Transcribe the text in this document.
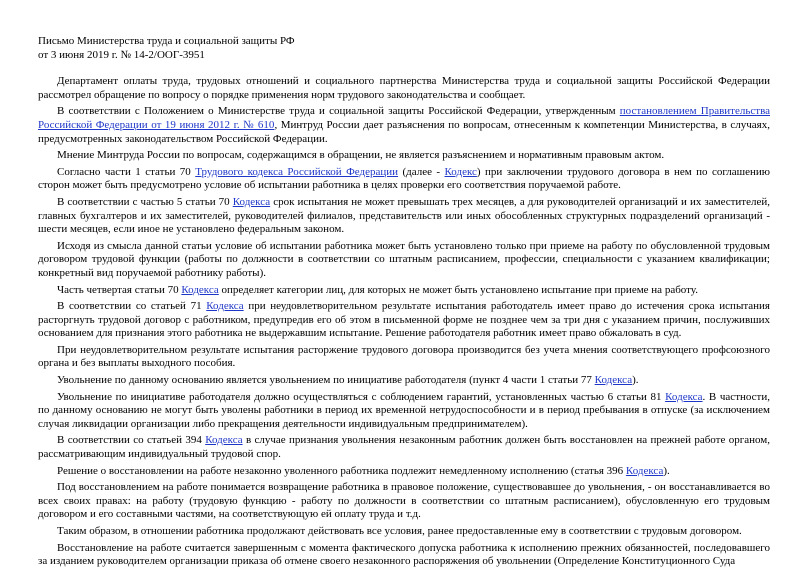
Письмо Министерства труда и социальной защиты РФ

от 3 июня 2019 г. № 14-2/ООГ-3951

Департамент оплаты труда, трудовых отношений и социального партнерства Министерства труда и социальной защиты Российской Федерации рассмотрел обращение по вопросу о порядке применения норм трудового законодательства и сообщает.

В соответствии с Положением о Министерстве труда и социальной защиты Российской Федерации, утвержденным постановлением Правительства Российской Федерации от 19 июня 2012 г. № 610, Минтруд России дает разъяснения по вопросам, отнесенным к компетенции Министерства, в случаях, предусмотренных законодательством Российской Федерации.

Мнение Минтруда России по вопросам, содержащимся в обращении, не является разъяснением и нормативным правовым актом.

Согласно части 1 статьи 70 Трудового кодекса Российской Федерации (далее - Кодекс) при заключении трудового договора в нем по соглашению сторон может быть предусмотрено условие об испытании работника в целях проверки его соответствия поручаемой работе.

В соответствии с частью 5 статьи 70 Кодекса срок испытания не может превышать трех месяцев, а для руководителей организаций и их заместителей, главных бухгалтеров и их заместителей, руководителей филиалов, представительств или иных обособленных структурных подразделений организаций - шести месяцев, если иное не установлено федеральным законом.

Исходя из смысла данной статьи условие об испытании работника может быть установлено только при приеме на работу по обусловленной трудовым договором трудовой функции (работы по должности в соответствии со штатным расписанием, профессии, специальности с указанием квалификации; конкретный вид поручаемой работнику работы).

Часть четвертая статьи 70 Кодекса определяет категории лиц, для которых не может быть установлено испытание при приеме на работу.

В соответствии со статьей 71 Кодекса при неудовлетворительном результате испытания работодатель имеет право до истечения срока испытания расторгнуть трудовой договор с работником, предупредив его об этом в письменной форме не позднее чем за три дня с указанием причин, послуживших основанием для признания этого работника не выдержавшим испытание. Решение работодателя работник имеет право обжаловать в суд.

При неудовлетворительном результате испытания расторжение трудового договора производится без учета мнения соответствующего профсоюзного органа и без выплаты выходного пособия.

Увольнение по данному основанию является увольнением по инициативе работодателя (пункт 4 части 1 статьи 77 Кодекса).

Увольнение по инициативе работодателя должно осуществляться с соблюдением гарантий, установленных частью 6 статьи 81 Кодекса. В частности, по данному основанию не могут быть уволены работники в период их временной нетрудоспособности и в период пребывания в отпуске (за исключением случая ликвидации организации либо прекращения деятельности индивидуальным предпринимателем).

В соответствии со статьей 394 Кодекса в случае признания увольнения незаконным работник должен быть восстановлен на прежней работе органом, рассматривающим индивидуальный трудовой спор.

Решение о восстановлении на работе незаконно уволенного работника подлежит немедленному исполнению (статья 396 Кодекса).

Под восстановлением на работе понимается возвращение работника в правовое положение, существовавшее до увольнения, - он восстанавливается во всех своих правах: на работу (трудовую функцию - работу по должности в соответствии со штатным расписанием), обусловленную его трудовым договором и его составными частями, на соответствующую ей оплату труда и т.д.

Таким образом, в отношении работника продолжают действовать все условия, ранее предоставленные ему в соответствии с трудовым договором.

Восстановление на работе считается завершенным с момента фактического допуска работника к исполнению прежних обязанностей, последовавшего за изданием руководителем организации приказа об отмене своего незаконного распоряжения об увольнении (Определение Конституционного Суда
